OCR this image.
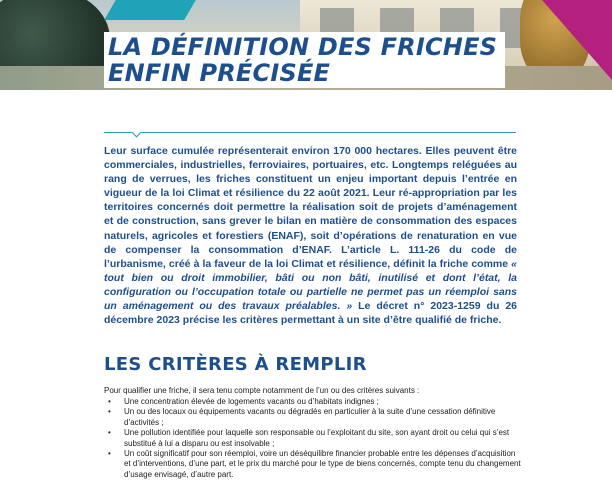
LA DÉFINITION DES FRICHES
ENFIN PRÉCISÉE

Leur surface cumulée représenterait environ 170 000 hectares. Elles peuvent être commerciales, industrielles, ferroviaires, portuaires, etc. Longtemps reléguées au rang de verrues, les friches constituent un enjeu important depuis l’entrée en vigueur de la loi Climat et résilience du 22 août 2021. Leur ré-appropriation par les territoires concernés doit permettre la réalisation soit de projets d’aménagement et de construction, sans grever le bilan en matière de consommation des espaces naturels, agricoles et forestiers (ENAF), soit d’opérations de renaturation en vue de compenser la consommation d’ENAF. L’article L. 111-26 du code de l’urbanisme, créé à la faveur de la loi Climat et résilience, définit la friche comme « tout bien ou droit immobilier, bâti ou non bâti, inutilisé et dont l’état, la configuration ou l’occupation totale ou partielle ne permet pas un réemploi sans un aménagement ou des travaux préalables. » Le décret n° 2023-1259 du 26 décembre 2023 précise les critères permettant à un site d’être qualifié de friche.

LES CRITÈRES À REMPLIR

Pour qualifier une friche, il sera tenu compte notamment de l’un ou des critères suivants :

• Une concentration élevée de logements vacants ou d’habitats indignes ;
• Un ou des locaux ou équipements vacants ou dégradés en particulier à la suite d’une cessation définitive d’activités ;
• Une pollution identifiée pour laquelle son responsable ou l’exploitant du site, son ayant droit ou celui qui s’est substitué à lui a disparu ou est insolvable ;
• Un coût significatif pour son réemploi, voire un déséquilibre financier probable entre les dépenses d’acquisition et d’interventions, d’une part, et le prix du marché pour le type de biens concernés, compte tenu du changement d’usage envisagé, d’autre part.
